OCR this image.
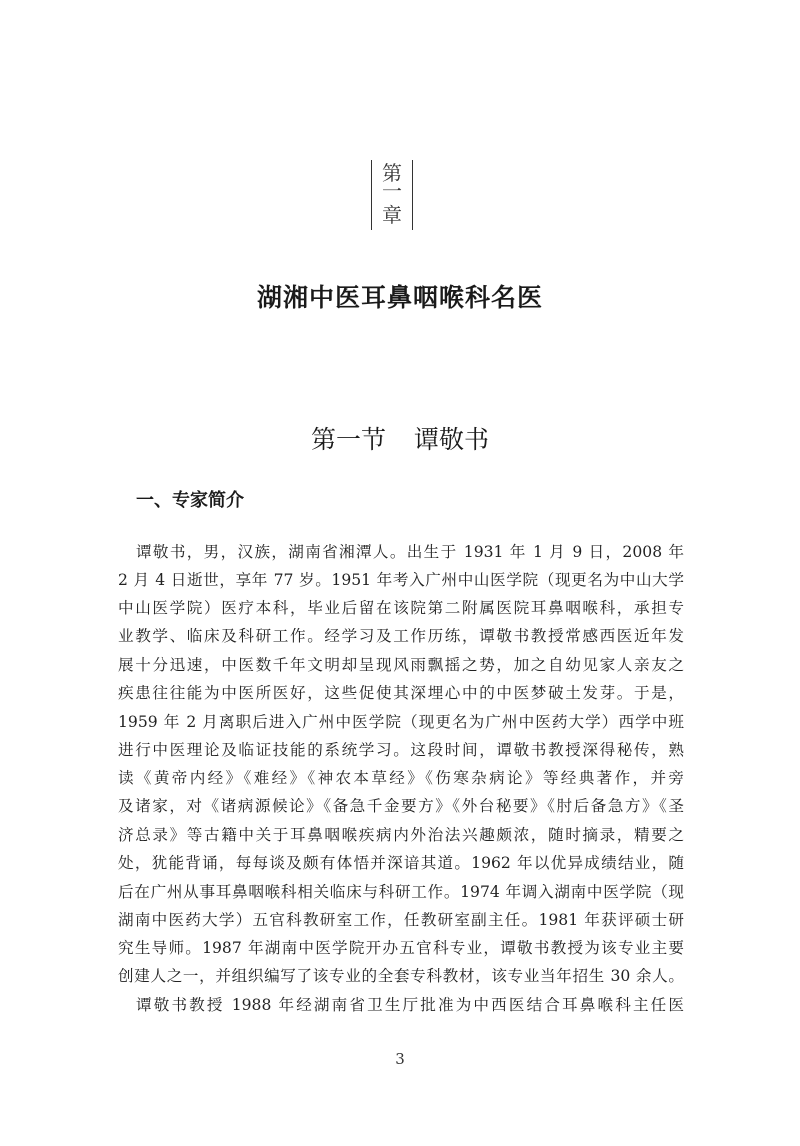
第
一
章
湖湘中医耳鼻咽喉科名医
第一节 谭敬书
一、专家简介
谭敬书，男，汉族，湖南省湘潭人。出生于 1931 年 1 月 9 日，2008 年
2 月 4 日逝世，享年 77 岁。1951 年考入广州中山医学院（现更名为中山大学
中山医学院）医疗本科，毕业后留在该院第二附属医院耳鼻咽喉科，承担专
业教学、临床及科研工作。经学习及工作历练，谭敬书教授常感西医近年发
展十分迅速，中医数千年文明却呈现风雨飘摇之势，加之自幼见家人亲友之
疾患往往能为中医所医好，这些促使其深埋心中的中医梦破土发芽。于是，
1959 年 2 月离职后进入广州中医学院（现更名为广州中医药大学）西学中班
进行中医理论及临证技能的系统学习。这段时间，谭敬书教授深得秘传，熟
读《黄帝内经》《难经》《神农本草经》《伤寒杂病论》等经典著作，并旁
及诸家，对《诸病源候论》《备急千金要方》《外台秘要》《肘后备急方》《圣
济总录》等古籍中关于耳鼻咽喉疾病内外治法兴趣颇浓，随时摘录，精要之
处，犹能背诵，每每谈及颇有体悟并深谙其道。1962 年以优异成绩结业，随
后在广州从事耳鼻咽喉科相关临床与科研工作。1974 年调入湖南中医学院（现
湖南中医药大学）五官科教研室工作，任教研室副主任。1981 年获评硕士研
究生导师。1987 年湖南中医学院开办五官科专业，谭敬书教授为该专业主要
创建人之一，并组织编写了该专业的全套专科教材，该专业当年招生 30 余人。
谭敬书教授 1988 年经湖南省卫生厅批准为中西医结合耳鼻喉科主任医
3
